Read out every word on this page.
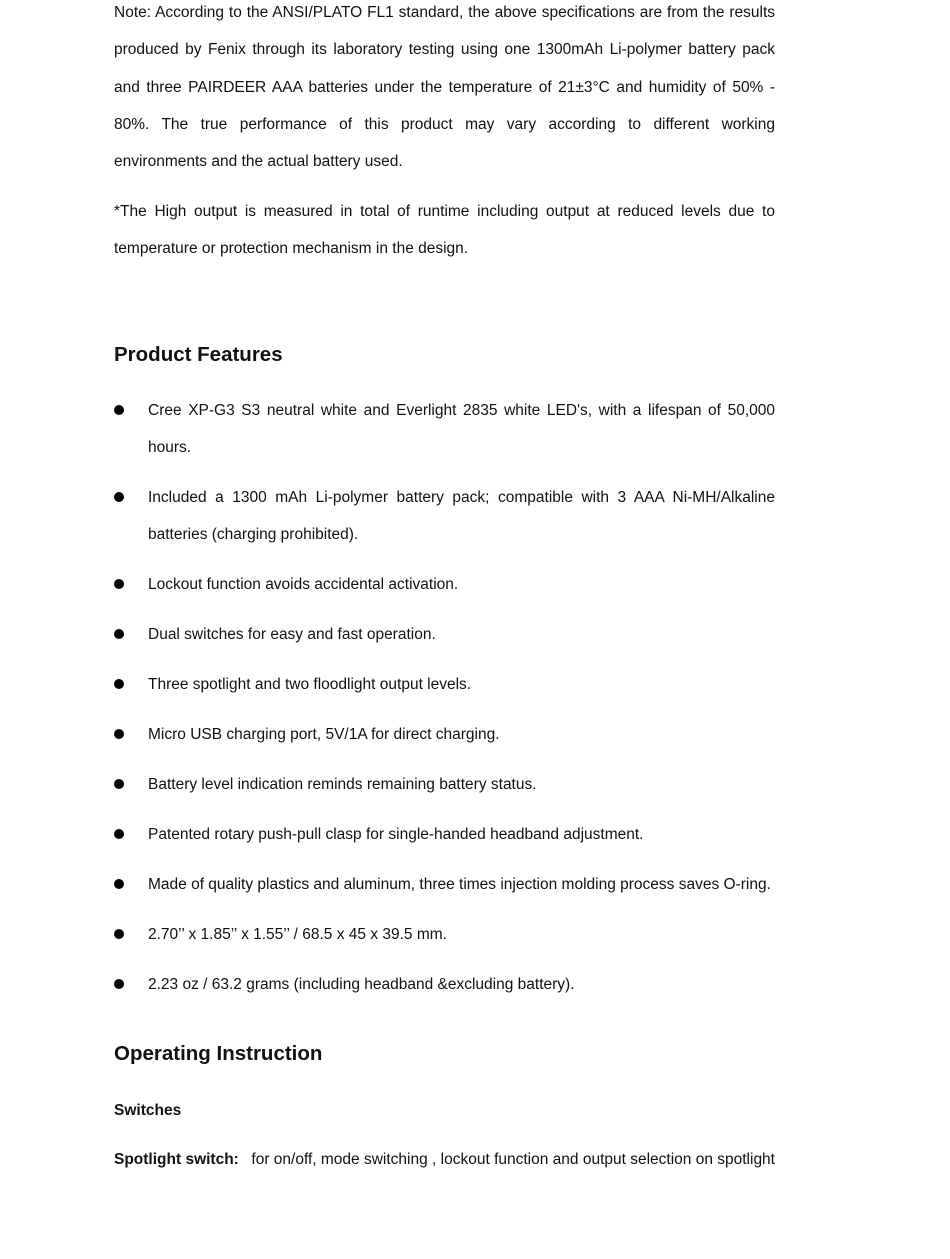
Note: According to the ANSI/PLATO FL1 standard, the above specifications are from the results produced by Fenix through its laboratory testing using one 1300mAh Li-polymer battery pack and three PAIRDEER AAA batteries under the temperature of 21±3°C and humidity of 50% - 80%. The true performance of this product may vary according to different working environments and the actual battery used.

*The High output is measured in total of runtime including output at reduced levels due to temperature or protection mechanism in the design.

Product Features
Cree XP-G3 S3 neutral white and Everlight 2835 white LED's, with a lifespan of 50,000 hours.
Included a 1300 mAh Li-polymer battery pack; compatible with 3 AAA Ni-MH/Alkaline batteries (charging prohibited).
Lockout function avoids accidental activation.
Dual switches for easy and fast operation.
Three spotlight and two floodlight output levels.
Micro USB charging port, 5V/1A for direct charging.
Battery level indication reminds remaining battery status.
Patented rotary push-pull clasp for single-handed headband adjustment.
Made of quality plastics and aluminum, three times injection molding process saves O-ring.
2.70’’ x 1.85’’ x 1.55’’ / 68.5 x 45 x 39.5 mm.
2.23 oz / 63.2 grams (including headband &excluding battery).
Operating Instruction

Switches

Spotlight switch:
for on/off, mode switching , lockout function and output selection on spotlight
